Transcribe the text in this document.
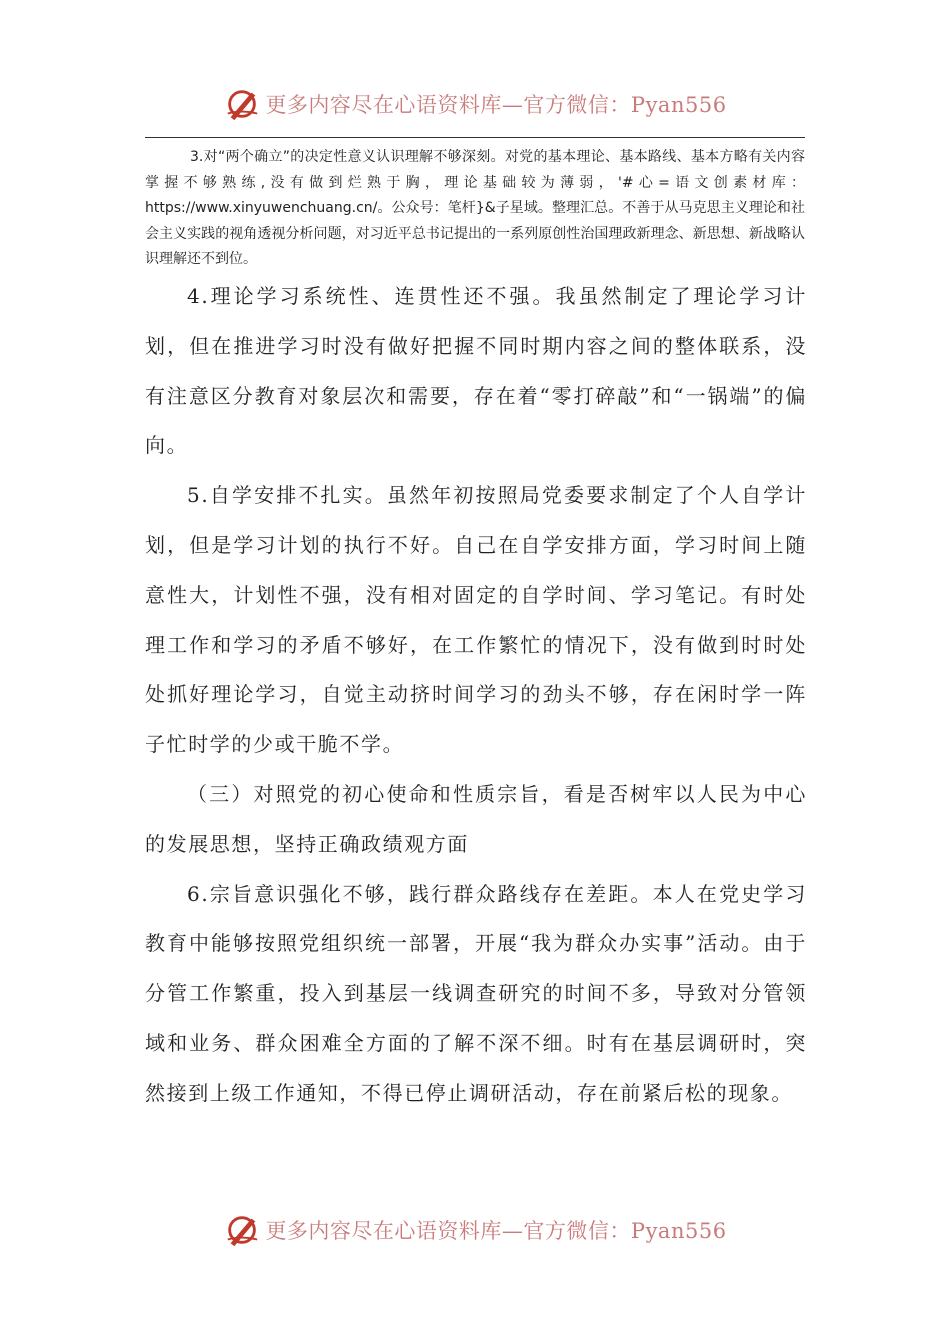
更多内容尽在心语资料库—官方微信：Pyan556

3.对“两个确立”的决定性意义认识理解不够深刻。对党的基本理论、基本路线、基本方略有关内容掌握不够熟练,没有做到烂熟于胸，理论基础较为薄弱，'#心=语文创素材库：https://www.xinyuwenchuang.cn/。公众号：笔杆}&子星域。整理汇总。不善于从马克思主义理论和社会主义实践的视角透视分析问题，对习近平总书记提出的一系列原创性治国理政新理念、新思想、新战略认识理解还不到位。

4.理论学习系统性、连贯性还不强。我虽然制定了理论学习计划，但在推进学习时没有做好把握不同时期内容之间的整体联系，没有注意区分教育对象层次和需要，存在着“零打碎敲”和“一锅端”的偏向。

5.自学安排不扎实。虽然年初按照局党委要求制定了个人自学计划，但是学习计划的执行不好。自己在自学安排方面，学习时间上随意性大，计划性不强，没有相对固定的自学时间、学习笔记。有时处理工作和学习的矛盾不够好，在工作繁忙的情况下，没有做到时时处处抓好理论学习，自觉主动挤时间学习的劲头不够，存在闲时学一阵子忙时学的少或干脆不学。

（三）对照党的初心使命和性质宗旨，看是否树牢以人民为中心的发展思想，坚持正确政绩观方面

6.宗旨意识强化不够，践行群众路线存在差距。本人在党史学习教育中能够按照党组织统一部署，开展“我为群众办实事”活动。由于分管工作繁重，投入到基层一线调查研究的时间不多，导致对分管领域和业务、群众困难全方面的了解不深不细。时有在基层调研时，突然接到上级工作通知，不得已停止调研活动，存在前紧后松的现象。

更多内容尽在心语资料库—官方微信：Pyan556
